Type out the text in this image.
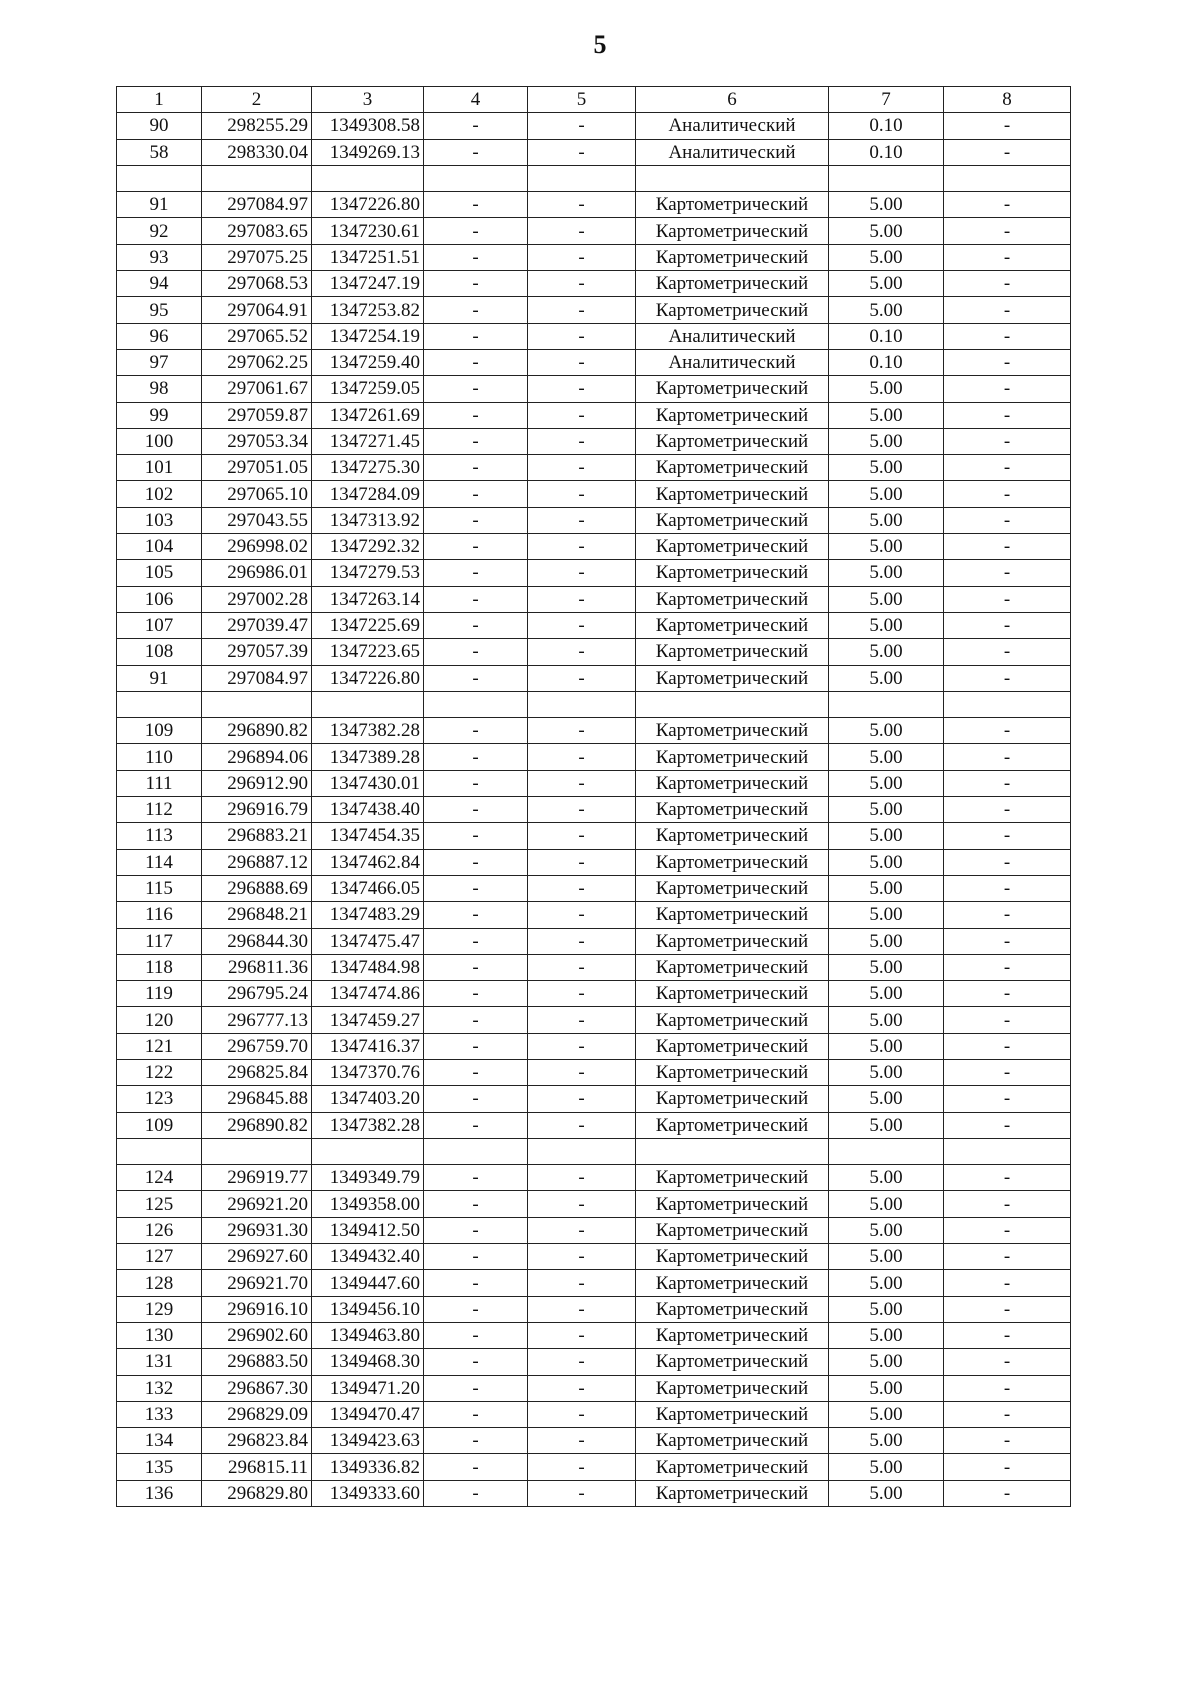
5
1	2	3	4	5	6	7	8
90	298255.29	1349308.58	-	-	Аналитический	0.10	-
58	298330.04	1349269.13	-	-	Аналитический	0.10	-

91	297084.97	1347226.80	-	-	Картометрический	5.00	-
92	297083.65	1347230.61	-	-	Картометрический	5.00	-
93	297075.25	1347251.51	-	-	Картометрический	5.00	-
94	297068.53	1347247.19	-	-	Картометрический	5.00	-
95	297064.91	1347253.82	-	-	Картометрический	5.00	-
96	297065.52	1347254.19	-	-	Аналитический	0.10	-
97	297062.25	1347259.40	-	-	Аналитический	0.10	-
98	297061.67	1347259.05	-	-	Картометрический	5.00	-
99	297059.87	1347261.69	-	-	Картометрический	5.00	-
100	297053.34	1347271.45	-	-	Картометрический	5.00	-
101	297051.05	1347275.30	-	-	Картометрический	5.00	-
102	297065.10	1347284.09	-	-	Картометрический	5.00	-
103	297043.55	1347313.92	-	-	Картометрический	5.00	-
104	296998.02	1347292.32	-	-	Картометрический	5.00	-
105	296986.01	1347279.53	-	-	Картометрический	5.00	-
106	297002.28	1347263.14	-	-	Картометрический	5.00	-
107	297039.47	1347225.69	-	-	Картометрический	5.00	-
108	297057.39	1347223.65	-	-	Картометрический	5.00	-
91	297084.97	1347226.80	-	-	Картометрический	5.00	-

109	296890.82	1347382.28	-	-	Картометрический	5.00	-
110	296894.06	1347389.28	-	-	Картометрический	5.00	-
111	296912.90	1347430.01	-	-	Картометрический	5.00	-
112	296916.79	1347438.40	-	-	Картометрический	5.00	-
113	296883.21	1347454.35	-	-	Картометрический	5.00	-
114	296887.12	1347462.84	-	-	Картометрический	5.00	-
115	296888.69	1347466.05	-	-	Картометрический	5.00	-
116	296848.21	1347483.29	-	-	Картометрический	5.00	-
117	296844.30	1347475.47	-	-	Картометрический	5.00	-
118	296811.36	1347484.98	-	-	Картометрический	5.00	-
119	296795.24	1347474.86	-	-	Картометрический	5.00	-
120	296777.13	1347459.27	-	-	Картометрический	5.00	-
121	296759.70	1347416.37	-	-	Картометрический	5.00	-
122	296825.84	1347370.76	-	-	Картометрический	5.00	-
123	296845.88	1347403.20	-	-	Картометрический	5.00	-
109	296890.82	1347382.28	-	-	Картометрический	5.00	-

124	296919.77	1349349.79	-	-	Картометрический	5.00	-
125	296921.20	1349358.00	-	-	Картометрический	5.00	-
126	296931.30	1349412.50	-	-	Картометрический	5.00	-
127	296927.60	1349432.40	-	-	Картометрический	5.00	-
128	296921.70	1349447.60	-	-	Картометрический	5.00	-
129	296916.10	1349456.10	-	-	Картометрический	5.00	-
130	296902.60	1349463.80	-	-	Картометрический	5.00	-
131	296883.50	1349468.30	-	-	Картометрический	5.00	-
132	296867.30	1349471.20	-	-	Картометрический	5.00	-
133	296829.09	1349470.47	-	-	Картометрический	5.00	-
134	296823.84	1349423.63	-	-	Картометрический	5.00	-
135	296815.11	1349336.82	-	-	Картометрический	5.00	-
136	296829.80	1349333.60	-	-	Картометрический	5.00	-
